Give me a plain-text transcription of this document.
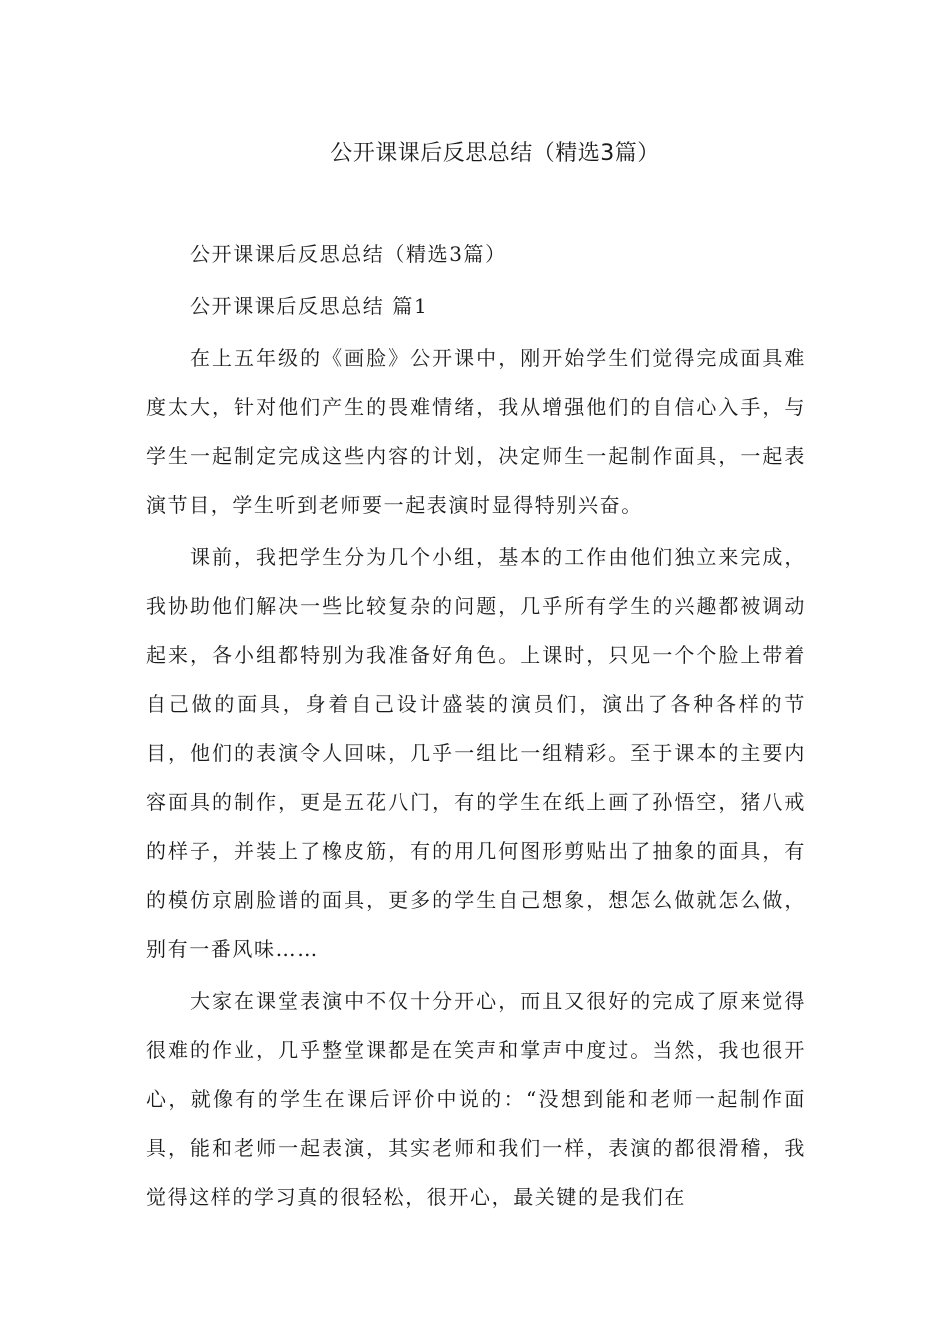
公开课课后反思总结（精选3篇）

公开课课后反思总结（精选3篇）

公开课课后反思总结 篇1

在上五年级的《画脸》公开课中，刚开始学生们觉得完成面具难度太大，针对他们产生的畏难情绪，我从增强他们的自信心入手，与学生一起制定完成这些内容的计划，决定师生一起制作面具，一起表演节目，学生听到老师要一起表演时显得特别兴奋。

课前，我把学生分为几个小组，基本的工作由他们独立来完成，我协助他们解决一些比较复杂的问题，几乎所有学生的兴趣都被调动起来，各小组都特别为我准备好角色。上课时，只见一个个脸上带着自己做的面具，身着自己设计盛装的演员们，演出了各种各样的节目，他们的表演令人回味，几乎一组比一组精彩。至于课本的主要内容面具的制作，更是五花八门，有的学生在纸上画了孙悟空，猪八戒的样子，并装上了橡皮筋，有的用几何图形剪贴出了抽象的面具，有的模仿京剧脸谱的面具，更多的学生自己想象，想怎么做就怎么做，别有一番风味……

大家在课堂表演中不仅十分开心，而且又很好的完成了原来觉得很难的作业，几乎整堂课都是在笑声和掌声中度过。当然，我也很开心，就像有的学生在课后评价中说的：“没想到能和老师一起制作面具，能和老师一起表演，其实老师和我们一样，表演的都很滑稽，我觉得这样的学习真的很轻松，很开心，最关键的是我们在
